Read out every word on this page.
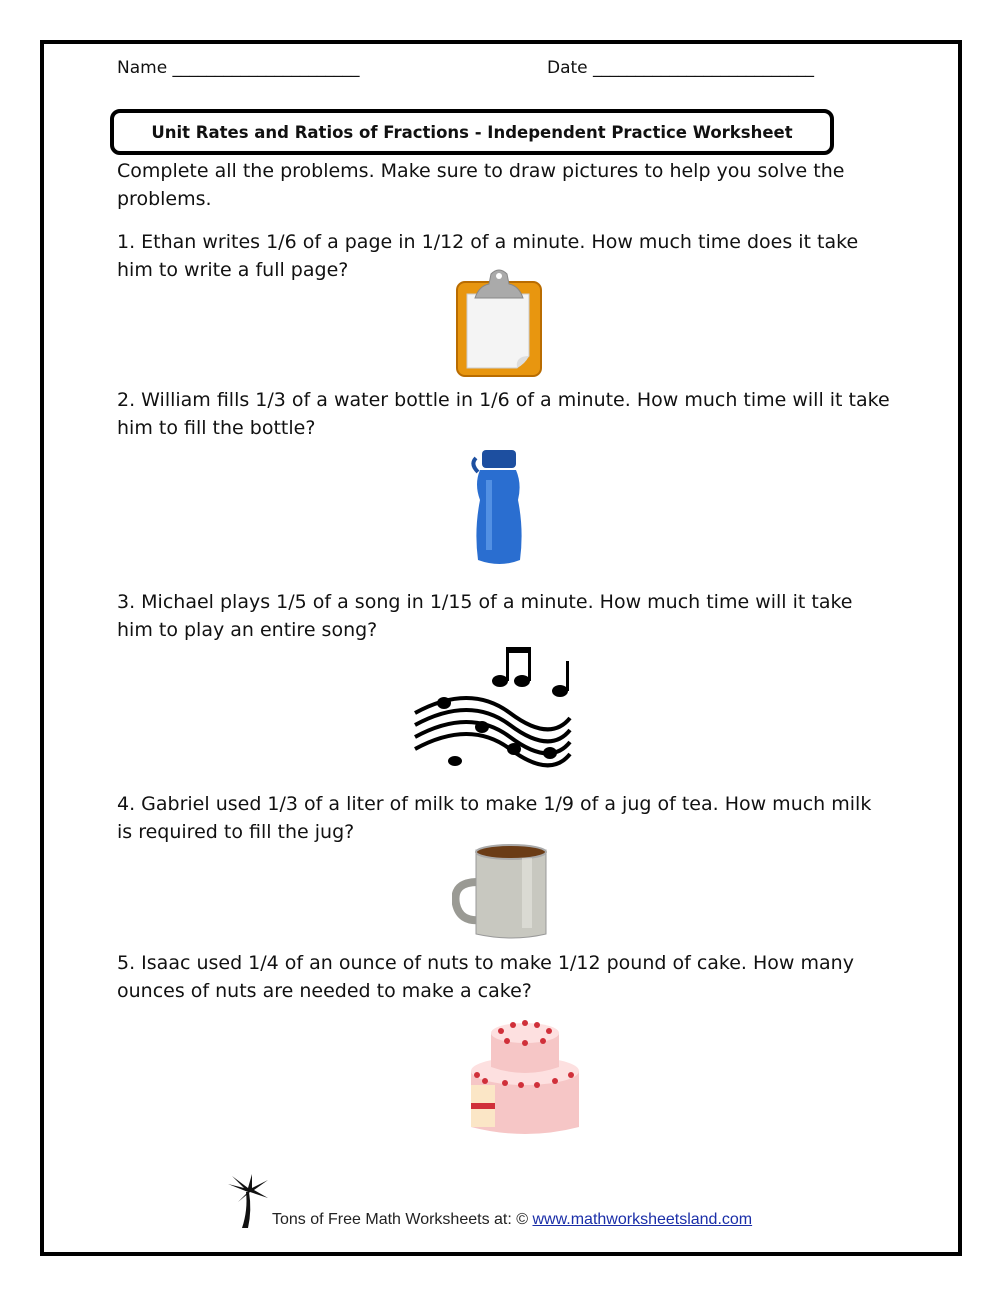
Name ______________________	Date __________________________
Unit Rates and Ratios of Fractions - Independent Practice Worksheet
Complete all the problems. Make sure to draw pictures to help you solve the problems.
1. Ethan writes 1/6 of a page in 1/12 of a minute. How much time does it take him to write a full page?
2. William fills 1/3 of a water bottle in 1/6 of a minute. How much time will it take him to fill the bottle?
3. Michael plays 1/5 of a song in 1/15 of a minute. How much time will it take him to play an entire song?
4. Gabriel used 1/3 of a liter of milk to make 1/9 of a jug of tea. How much milk is required to fill the jug?
5. Isaac used 1/4 of an ounce of nuts to make 1/12 pound of cake. How many ounces of nuts are needed to make a cake?
Tons of Free Math Worksheets at: © www.mathworksheetsland.com
